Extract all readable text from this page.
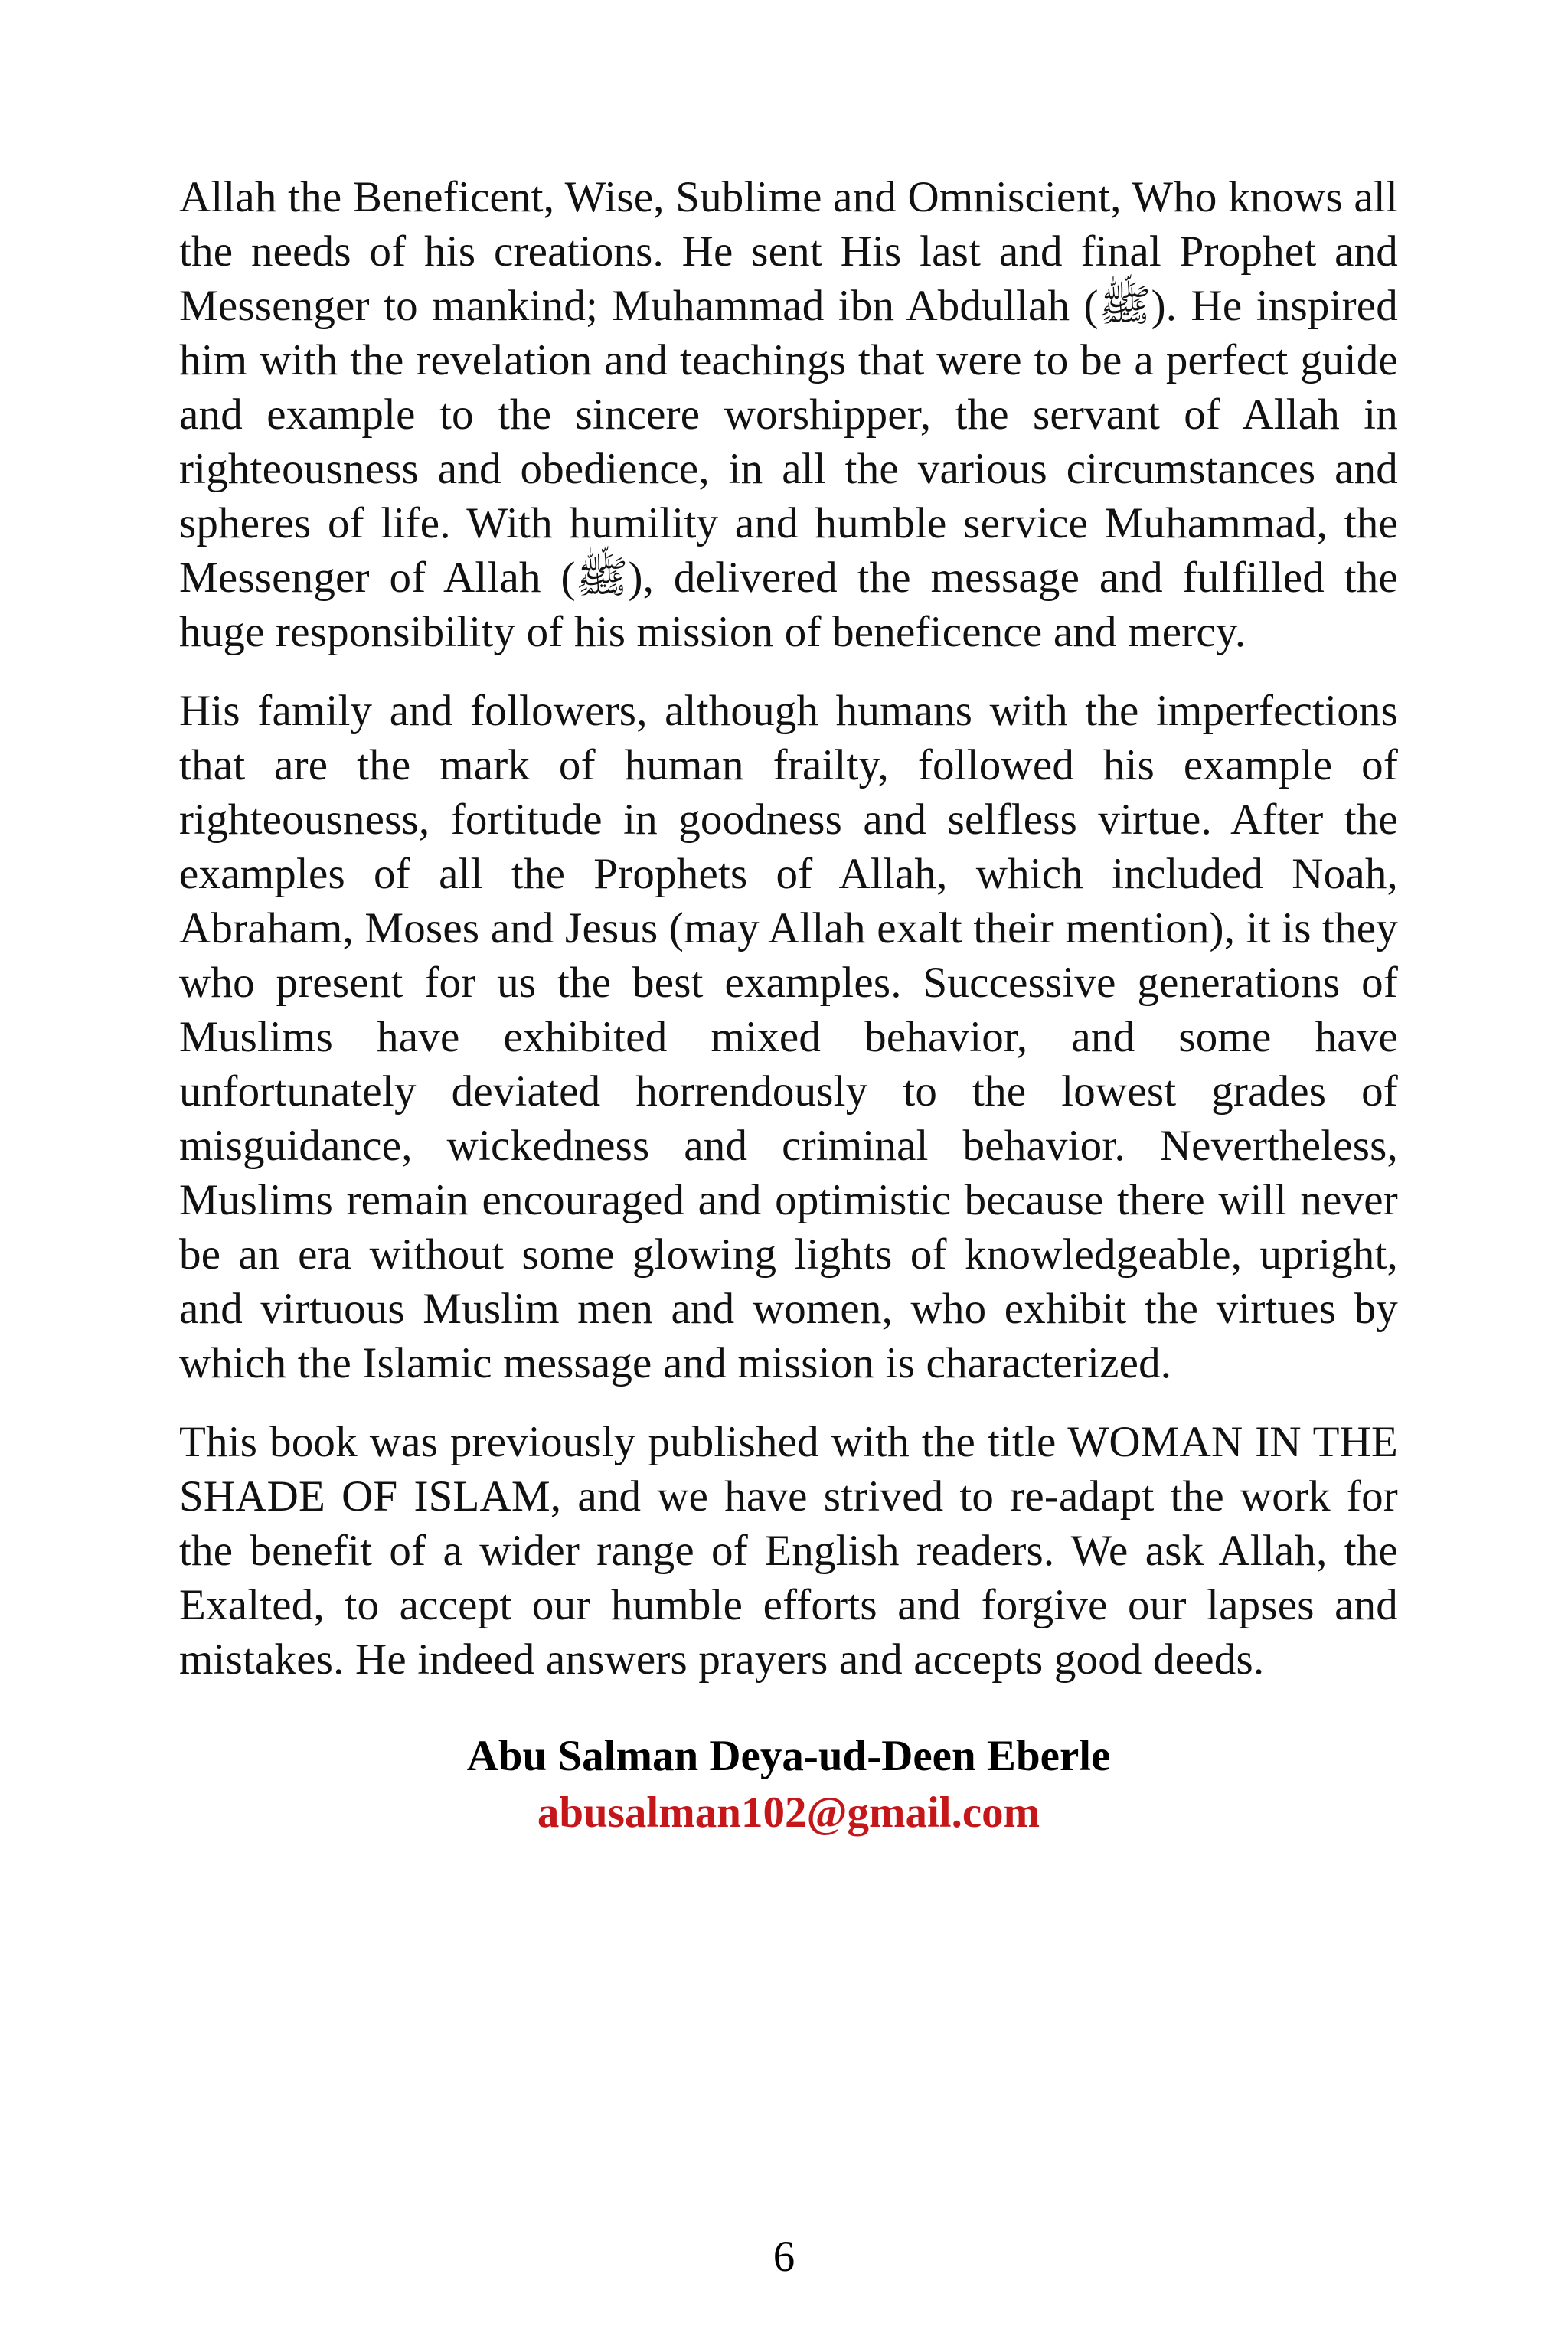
Allah the Beneficent, Wise, Sublime and Omniscient, Who knows all the needs of his creations. He sent His last and final Prophet and Messenger to mankind; Muhammad ibn Abdullah (ﷺ). He inspired him with the revelation and teachings that were to be a perfect guide and example to the sincere worshipper, the servant of Allah in righteousness and obedience, in all the various circumstances and spheres of life. With humility and humble service Muhammad, the Messenger of Allah (ﷺ), delivered the message and fulfilled the huge responsibility of his mission of beneficence and mercy.

His family and followers, although humans with the imperfections that are the mark of human frailty, followed his example of righteousness, fortitude in goodness and selfless virtue. After the examples of all the Prophets of Allah, which included Noah, Abraham, Moses and Jesus (may Allah exalt their mention), it is they who present for us the best examples. Successive generations of Muslims have exhibited mixed behavior, and some have unfortunately deviated horrendously to the lowest grades of misguidance, wickedness and criminal behavior. Nevertheless, Muslims remain encouraged and optimistic because there will never be an era without some glowing lights of knowledgeable, upright, and virtuous Muslim men and women, who exhibit the virtues by which the Islamic message and mission is characterized.

This book was previously published with the title WOMAN IN THE SHADE OF ISLAM, and we have strived to re-adapt the work for the benefit of a wider range of English readers. We ask Allah, the Exalted, to accept our humble efforts and forgive our lapses and mistakes. He indeed answers prayers and accepts good deeds.

Abu Salman Deya-ud-Deen Eberle
abusalman102@gmail.com
6
